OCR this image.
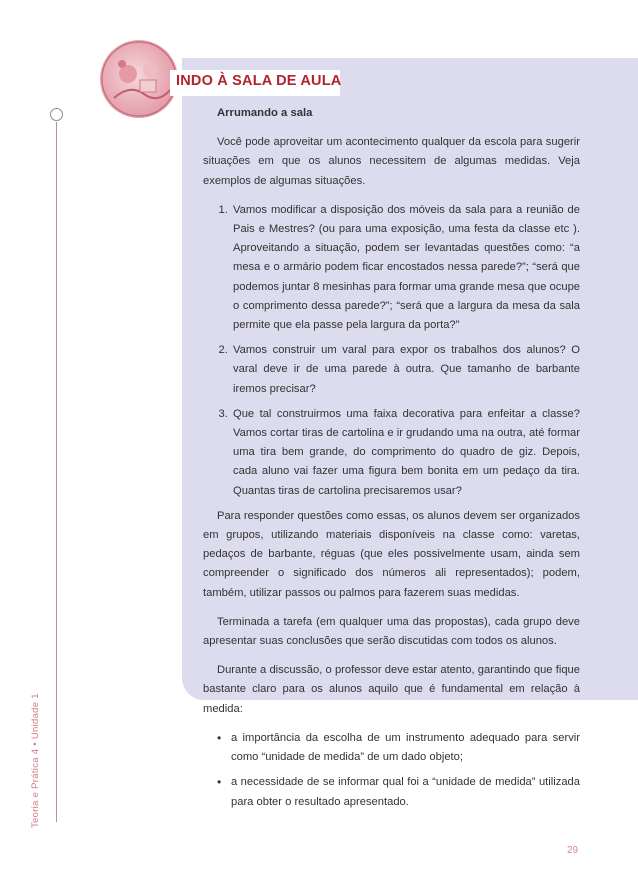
Teoria e Prática 4 • Unidade 1
INDO À SALA DE AULA
Arrumando a sala

Você pode aproveitar um acontecimento qualquer da escola para sugerir situações em que os alunos necessitem de algumas medidas. Veja exemplos de algumas situações.

1. Vamos modificar a disposição dos móveis da sala para a reunião de Pais e Mestres? (ou para uma exposição, uma festa da classe etc ). Aproveitando a situação, podem ser levantadas questões como: “a mesa e o armário podem ficar encostados nessa parede?”; “será que podemos juntar 8 mesinhas para formar uma grande mesa que ocupe o comprimento dessa parede?”; “será que a largura da mesa da sala permite que ela passe pela largura da porta?”
2. Vamos construir um varal para expor os trabalhos dos alunos? O varal deve ir de uma parede à outra. Que tamanho de barbante iremos precisar?
3. Que tal construirmos uma faixa decorativa para enfeitar a classe? Vamos cortar tiras de cartolina e ir grudando uma na outra, até formar uma tira bem grande, do comprimento do quadro de giz. Depois, cada aluno vai fazer uma figura bem bonita em um pedaço da tira. Quantas tiras de cartolina precisaremos usar?

Para responder questões como essas, os alunos devem ser organizados em grupos, utilizando materiais disponíveis na classe como: varetas, pedaços de barbante, réguas (que eles possivelmente usam, ainda sem compreender o significado dos números ali representados); podem, também, utilizar passos ou palmos para fazerem suas medidas.

Terminada a tarefa (em qualquer uma das propostas), cada grupo deve apresentar suas conclusões que serão discutidas com todos os alunos.

Durante a discussão, o professor deve estar atento, garantindo que fique bastante claro para os alunos aquilo que é fundamental em relação à medida:

• a importância da escolha de um instrumento adequado para servir como “unidade de medida” de um dado objeto;
• a necessidade de se informar qual foi a “unidade de medida” utilizada para obter o resultado apresentado.
29
